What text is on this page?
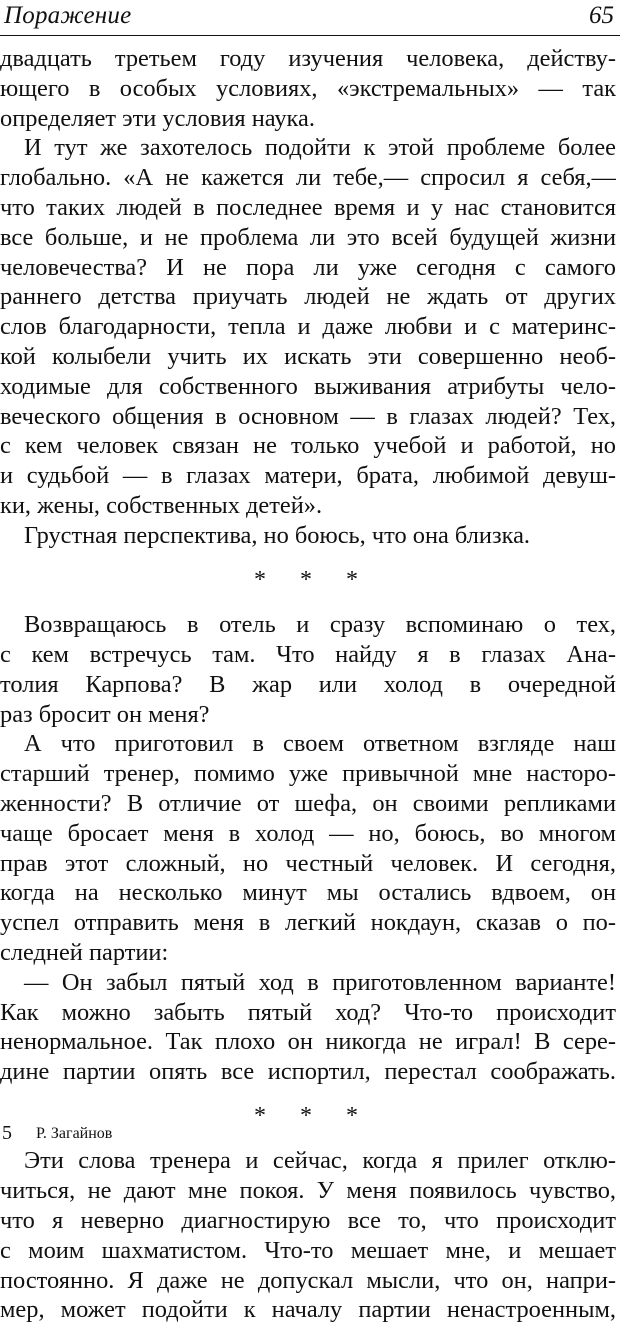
Поражение	65
двадцать третьем году изучения человека, действу-
ющего в особых условиях, «экстремальных» — так
определяет эти условия наука.
И тут же захотелось подойти к этой проблеме более
глобально. «А не кажется ли тебе,— спросил я себя,—
что таких людей в последнее время и у нас становится
все больше, и не проблема ли это всей будущей жизни
человечества? И не пора ли уже сегодня с самого
раннего детства приучать людей не ждать от других
слов благодарности, тепла и даже любви и с материнс-
кой колыбели учить их искать эти совершенно необ-
ходимые для собственного выживания атрибуты чело-
веческого общения в основном — в глазах людей? Тех,
с кем человек связан не только учебой и работой, но
и судьбой — в глазах матери, брата, любимой девуш-
ки, жены, собственных детей».
Грустная перспектива, но боюсь, что она близка.
* * *
Возвращаюсь в отель и сразу вспоминаю о тех,
с кем встречусь там. Что найду я в глазах Ана-
толия Карпова? В жар или холод в очередной
раз бросит он меня?
А что приготовил в своем ответном взгляде наш
старший тренер, помимо уже привычной мне насторо-
женности? В отличие от шефа, он своими репликами
чаще бросает меня в холод — но, боюсь, во многом
прав этот сложный, но честный человек. И сегодня,
когда на несколько минут мы остались вдвоем, он
успел отправить меня в легкий нокдаун, сказав о по-
следней партии:
— Он забыл пятый ход в приготовленном варианте!
Как можно забыть пятый ход? Что-то происходит
ненормальное. Так плохо он никогда не играл! В сере-
дине партии опять все испортил, перестал соображать.
* * *
Эти слова тренера и сейчас, когда я прилег отклю-
читься, не дают мне покоя. У меня появилось чувство,
что я неверно диагностирую все то, что происходит
с моим шахматистом. Что-то мешает мне, и мешает
постоянно. Я даже не допускал мысли, что он, напри-
мер, может подойти к началу партии ненастроенным,
5 Р. Загайнов
